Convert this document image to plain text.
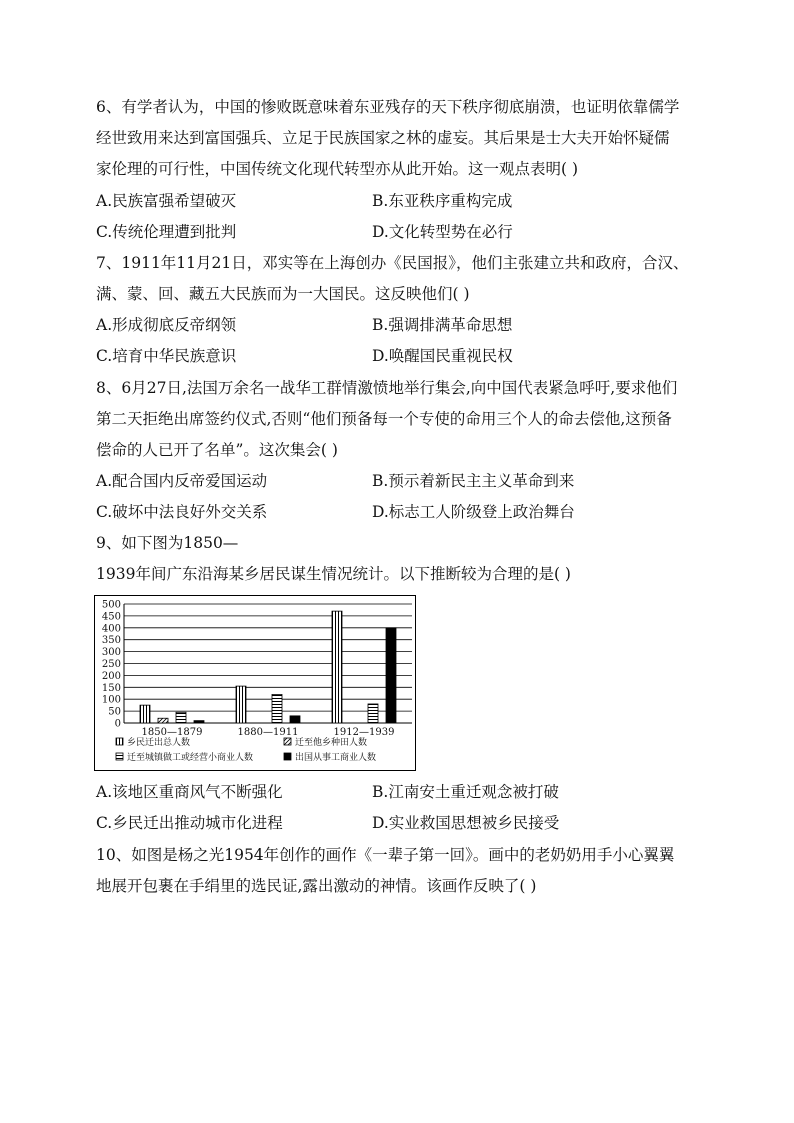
6、有学者认为，中国的惨败既意味着东亚残存的天下秩序彻底崩溃，也证明依靠儒学
经世致用来达到富国强兵、立足于民族国家之林的虚妄。其后果是士大夫开始怀疑儒
家伦理的可行性，中国传统文化现代转型亦从此开始。这一观点表明( )
A.民族富强希望破灭	B.东亚秩序重构完成
C.传统伦理遭到批判	D.文化转型势在必行
7、1911年11月21日，邓实等在上海创办《民国报》，他们主张建立共和政府，合汉、
满、蒙、回、藏五大民族而为一大国民。这反映他们( )
A.形成彻底反帝纲领	B.强调排满革命思想
C.培育中华民族意识	D.唤醒国民重视民权
8、6月27日,法国万余名一战华工群情激愤地举行集会,向中国代表紧急呼吁,要求他们
第二天拒绝出席签约仪式,否则“他们预备每一个专使的命用三个人的命去偿他,这预备
偿命的人已开了名单”。这次集会( )
A.配合国内反帝爱国运动	B.预示着新民主主义革命到来
C.破坏中法良好外交关系	D.标志工人阶级登上政治舞台
9、如下图为1850—
1939年间广东沿海某乡居民谋生情况统计。以下推断较为合理的是( )
0
50
100
150
200
250
300
350
400
450
500
1850—1879	1880—1911	1912—1939
乡民迁出总人数	迁至他乡种田人数
迁至城镇做工或经营小商业人数	出国从事工商业人数
A.该地区重商风气不断强化	B.江南安土重迁观念被打破
C.乡民迁出推动城市化进程	D.实业救国思想被乡民接受
10、如图是杨之光1954年创作的画作《一辈子第一回》。画中的老奶奶用手小心翼翼
地展开包裹在手绢里的选民证,露出激动的神情。该画作反映了( )
